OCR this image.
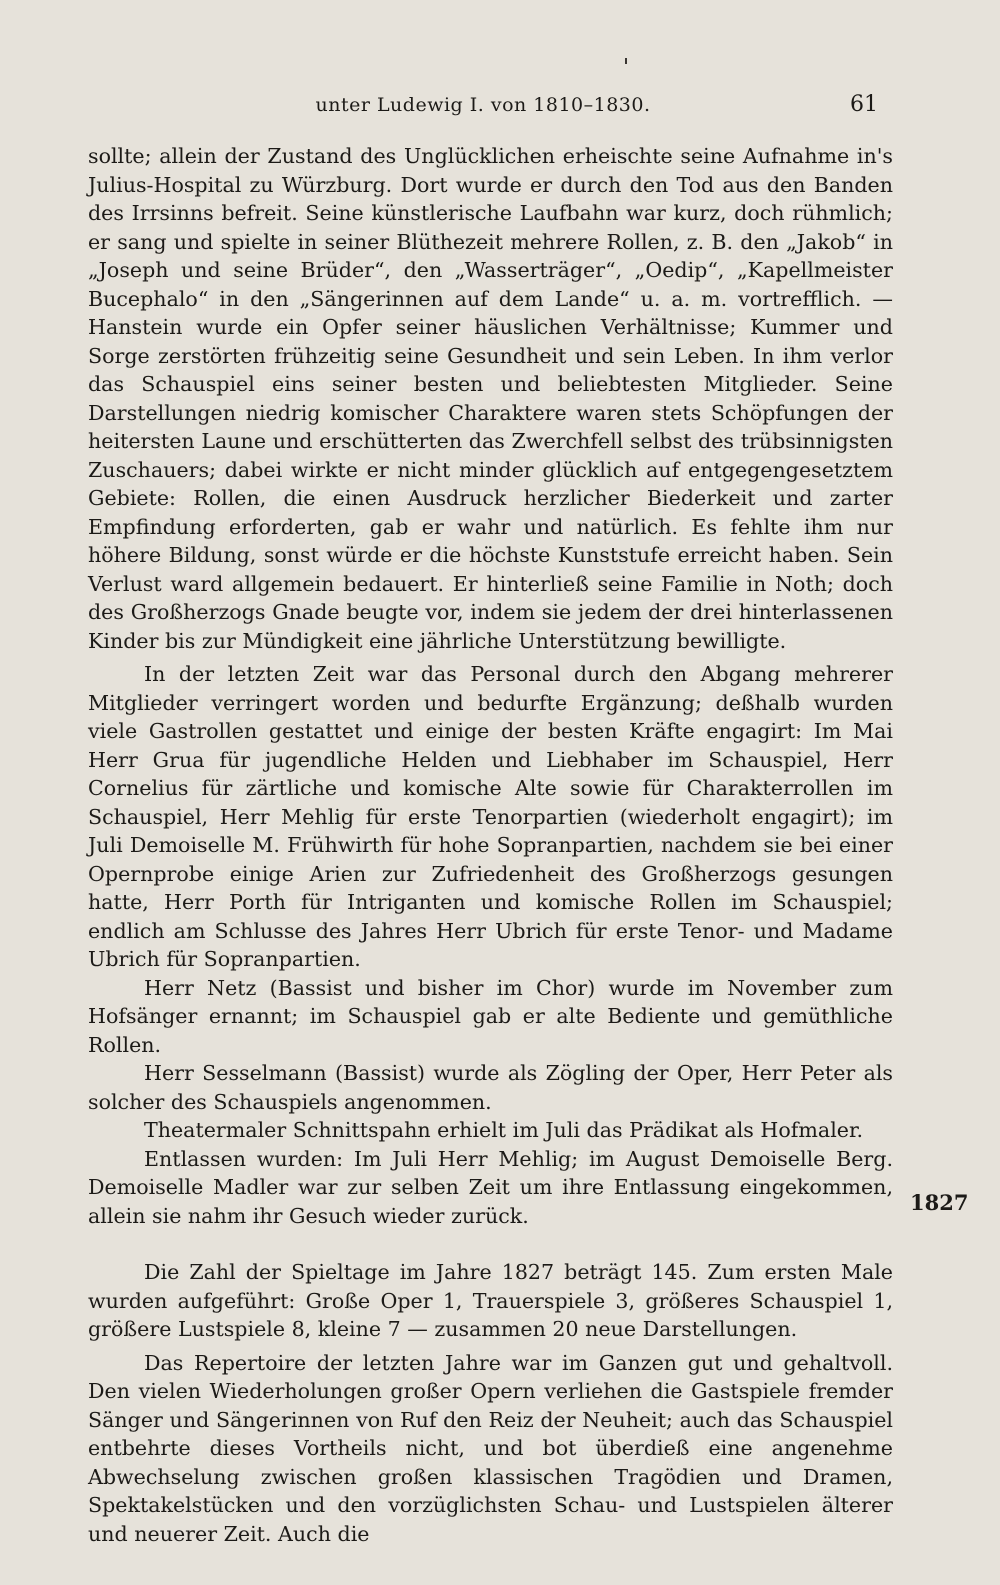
unter Ludewig I. von 1810–1830.	61

sollte; allein der Zustand des Unglücklichen erheischte seine Aufnahme in's Julius-Hospital zu Würzburg. Dort wurde er durch den Tod aus den Banden des Irrsinns befreit. Seine künstlerische Laufbahn war kurz, doch rühmlich; er sang und spielte in seiner Blüthezeit mehrere Rollen, z. B. den „Jakob“ in „Joseph und seine Brüder“, den „Wasserträger“, „Oedip“, „Kapellmeister Bucephalo“ in den „Sängerinnen auf dem Lande“ u. a. m. vortrefflich. — Hanstein wurde ein Opfer seiner häuslichen Verhältnisse; Kummer und Sorge zerstörten frühzeitig seine Gesundheit und sein Leben. In ihm verlor das Schauspiel eins seiner besten und beliebtesten Mitglieder. Seine Darstellungen niedrig komischer Charaktere waren stets Schöpfungen der heitersten Laune und erschütterten das Zwerchfell selbst des trübsinnigsten Zuschauers; dabei wirkte er nicht minder glücklich auf entgegengesetztem Gebiete: Rollen, die einen Ausdruck herzlicher Biederkeit und zarter Empfindung erforderten, gab er wahr und natürlich. Es fehlte ihm nur höhere Bildung, sonst würde er die höchste Kunststufe erreicht haben. Sein Verlust ward allgemein bedauert. Er hinterließ seine Familie in Noth; doch des Großherzogs Gnade beugte vor, indem sie jedem der drei hinterlassenen Kinder bis zur Mündigkeit eine jährliche Unterstützung bewilligte.

In der letzten Zeit war das Personal durch den Abgang mehrerer Mitglieder verringert worden und bedurfte Ergänzung; deßhalb wurden viele Gastrollen gestattet und einige der besten Kräfte engagirt: Im Mai Herr Grua für jugendliche Helden und Liebhaber im Schauspiel, Herr Cornelius für zärtliche und komische Alte sowie für Charakterrollen im Schauspiel, Herr Mehlig für erste Tenorpartien (wiederholt engagirt); im Juli Demoiselle M. Frühwirth für hohe Sopranpartien, nachdem sie bei einer Opernprobe einige Arien zur Zufriedenheit des Großherzogs gesungen hatte, Herr Porth für Intriganten und komische Rollen im Schauspiel; endlich am Schlusse des Jahres Herr Ubrich für erste Tenor- und Madame Ubrich für Sopranpartien.

Herr Netz (Bassist und bisher im Chor) wurde im November zum Hofsänger ernannt; im Schauspiel gab er alte Bediente und gemüthliche Rollen.

Herr Sesselmann (Bassist) wurde als Zögling der Oper, Herr Peter als solcher des Schauspiels angenommen.

Theatermaler Schnittspahn erhielt im Juli das Prädikat als Hofmaler.

Entlassen wurden: Im Juli Herr Mehlig; im August Demoiselle Berg. Demoiselle Madler war zur selben Zeit um ihre Entlassung eingekommen, allein sie nahm ihr Gesuch wieder zurück.

Die Zahl der Spieltage im Jahre 1827 beträgt 145. Zum ersten Male wurden aufgeführt: Große Oper 1, Trauerspiele 3, größeres Schauspiel 1, größere Lustspiele 8, kleine 7 — zusammen 20 neue Darstellungen.

Das Repertoire der letzten Jahre war im Ganzen gut und gehaltvoll. Den vielen Wiederholungen großer Opern verliehen die Gastspiele fremder Sänger und Sängerinnen von Ruf den Reiz der Neuheit; auch das Schauspiel entbehrte dieses Vortheils nicht, und bot überdieß eine angenehme Abwechselung zwischen großen klassischen Tragödien und Dramen, Spektakelstücken und den vorzüglichsten Schau- und Lustspielen älterer und neuerer Zeit. Auch die

1827
